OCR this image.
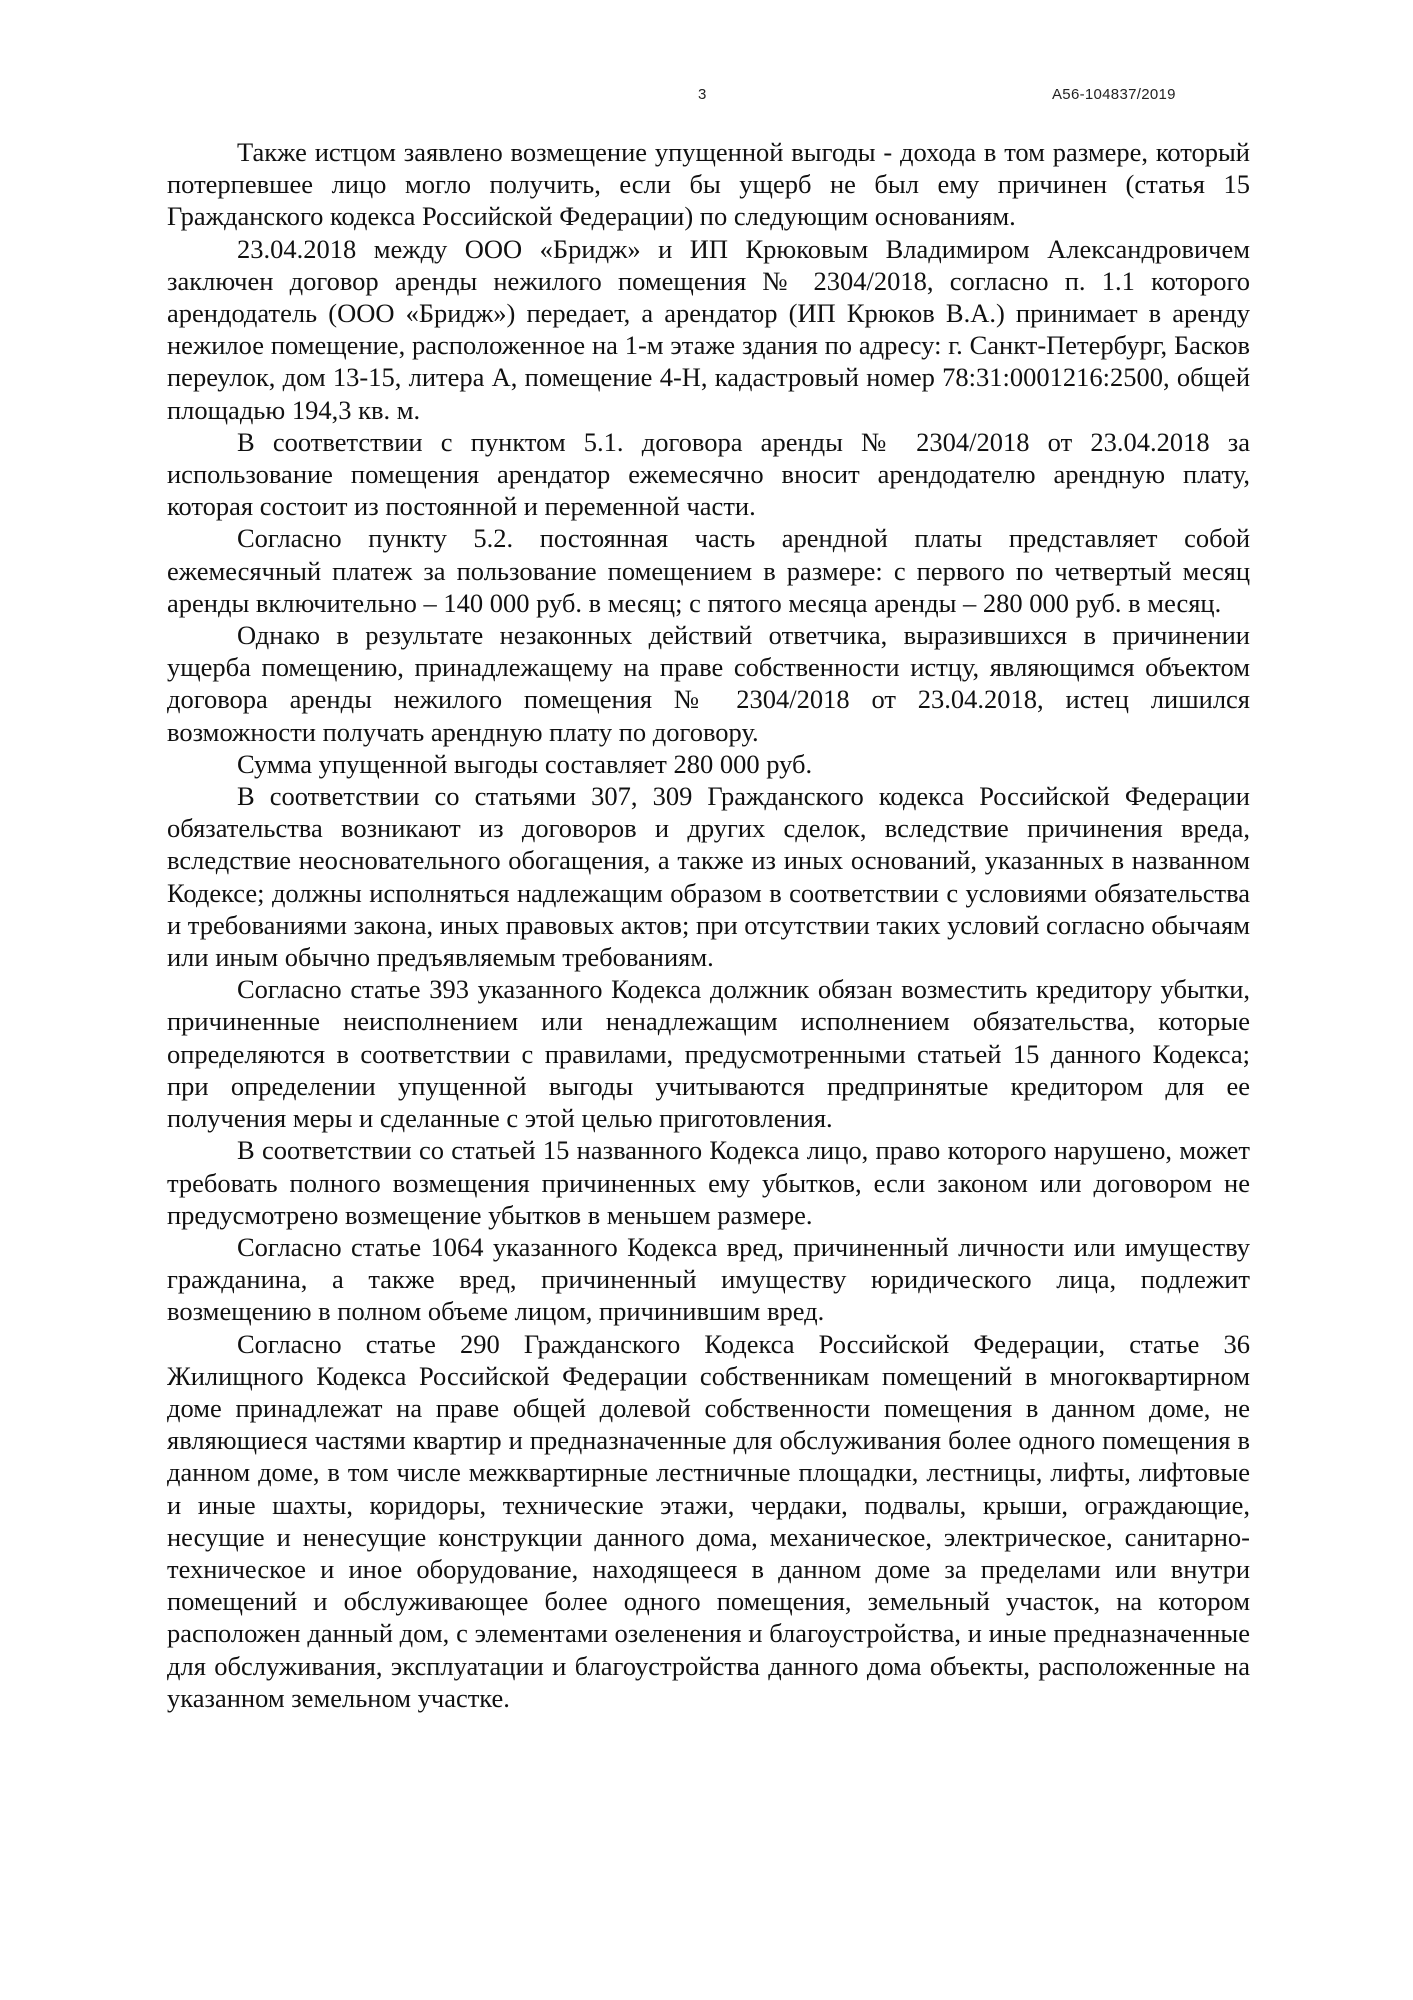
3	А56-104837/2019

Также истцом заявлено возмещение упущенной выгоды - дохода в том размере, который потерпевшее лицо могло получить, если бы ущерб не был ему причинен (статья 15 Гражданского кодекса Российской Федерации) по следующим основаниям.

23.04.2018 между ООО «Бридж» и ИП Крюковым Владимиром Александровичем заключен договор аренды нежилого помещения № 2304/2018, согласно п. 1.1 которого арендодатель (ООО «Бридж») передает, а арендатор (ИП Крюков В.А.) принимает в аренду нежилое помещение, расположенное на 1-м этаже здания по адресу: г. Санкт-Петербург, Басков переулок, дом 13-15, литера А, помещение 4-Н, кадастровый номер 78:31:0001216:2500, общей площадью 194,3 кв. м.

В соответствии с пунктом 5.1. договора аренды № 2304/2018 от 23.04.2018 за использование помещения арендатор ежемесячно вносит арендодателю арендную плату, которая состоит из постоянной и переменной части.

Согласно пункту 5.2. постоянная часть арендной платы представляет собой ежемесячный платеж за пользование помещением в размере: с первого по четвертый месяц аренды включительно – 140 000 руб. в месяц; с пятого месяца аренды – 280 000 руб. в месяц.

Однако в результате незаконных действий ответчика, выразившихся в причинении ущерба помещению, принадлежащему на праве собственности истцу, являющимся объектом договора аренды нежилого помещения № 2304/2018 от 23.04.2018, истец лишился возможности получать арендную плату по договору.

Сумма упущенной выгоды составляет 280 000 руб.

В соответствии со статьями 307, 309 Гражданского кодекса Российской Федерации обязательства возникают из договоров и других сделок, вследствие причинения вреда, вследствие неосновательного обогащения, а также из иных оснований, указанных в названном Кодексе; должны исполняться надлежащим образом в соответствии с условиями обязательства и требованиями закона, иных правовых актов; при отсутствии таких условий согласно обычаям или иным обычно предъявляемым требованиям.

Согласно статье 393 указанного Кодекса должник обязан возместить кредитору убытки, причиненные неисполнением или ненадлежащим исполнением обязательства, которые определяются в соответствии с правилами, предусмотренными статьей 15 данного Кодекса; при определении упущенной выгоды учитываются предпринятые кредитором для ее получения меры и сделанные с этой целью приготовления.

В соответствии со статьей 15 названного Кодекса лицо, право которого нарушено, может требовать полного возмещения причиненных ему убытков, если законом или договором не предусмотрено возмещение убытков в меньшем размере.

Согласно статье 1064 указанного Кодекса вред, причиненный личности или имуществу гражданина, а также вред, причиненный имуществу юридического лица, подлежит возмещению в полном объеме лицом, причинившим вред.

Согласно статье 290 Гражданского Кодекса Российской Федерации, статье 36 Жилищного Кодекса Российской Федерации собственникам помещений в многоквартирном доме принадлежат на праве общей долевой собственности помещения в данном доме, не являющиеся частями квартир и предназначенные для обслуживания более одного помещения в данном доме, в том числе межквартирные лестничные площадки, лестницы, лифты, лифтовые и иные шахты, коридоры, технические этажи, чердаки, подвалы, крыши, ограждающие, несущие и ненесущие конструкции данного дома, механическое, электрическое, санитарно-техническое и иное оборудование, находящееся в данном доме за пределами или внутри помещений и обслуживающее более одного помещения, земельный участок, на котором расположен данный дом, с элементами озеленения и благоустройства, и иные предназначенные для обслуживания, эксплуатации и благоустройства данного дома объекты, расположенные на указанном земельном участке.
